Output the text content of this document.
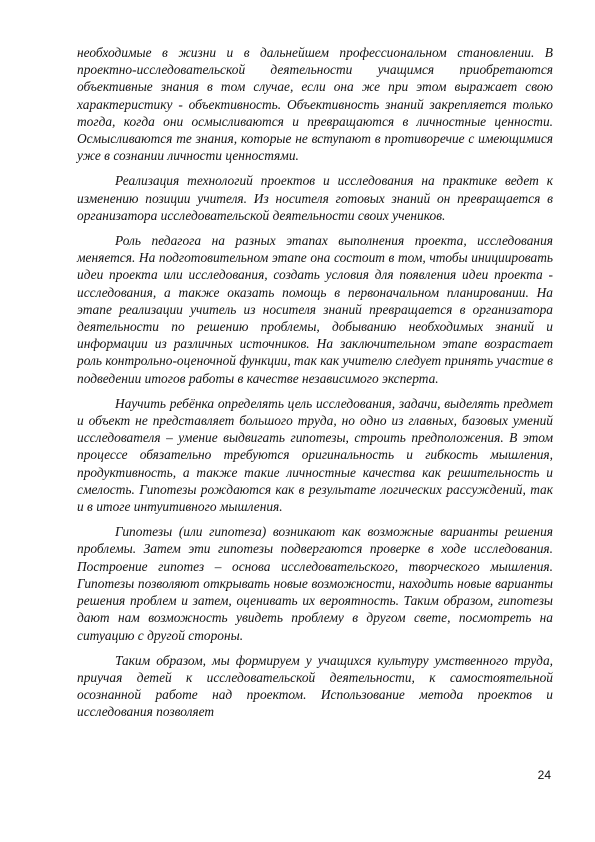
необходимые в жизни и в дальнейшем профессиональном становлении. В проектно-исследовательской деятельности учащимся приобретаются объективные знания в том случае, если она же при этом выражает свою характеристику - объективность. Объективность знаний закрепляется только тогда, когда они осмысливаются и превращаются в личностные ценности. Осмысливаются те знания, которые не вступают в противоречие с имеющимися уже в сознании личности ценностями.

Реализация технологий проектов и исследования на практике ведет к изменению позиции учителя. Из носителя готовых знаний он превращается в организатора исследовательской деятельности своих учеников.

Роль педагога на разных этапах выполнения проекта, исследования меняется. На подготовительном этапе она состоит в том, чтобы инициировать идеи проекта или исследования, создать условия для появления идеи проекта - исследования, а также оказать помощь в первоначальном планировании. На этапе реализации учитель из носителя знаний превращается в организатора деятельности по решению проблемы, добыванию необходимых знаний и информации из различных источников. На заключительном этапе возрастает роль контрольно-оценочной функции, так как учителю следует принять участие в подведении итогов работы в качестве независимого эксперта.

Научить ребёнка определять цель исследования, задачи, выделять предмет и объект не представляет большого труда, но одно из главных, базовых умений исследователя – умение выдвигать гипотезы, строить предположения. В этом процессе обязательно требуются оригинальность и гибкость мышления, продуктивность, а также такие личностные качества как решительность и смелость. Гипотезы рождаются как в результате логических рассуждений, так и в итоге интуитивного мышления.

Гипотезы (или гипотеза) возникают как возможные варианты решения проблемы. Затем эти гипотезы подвергаются проверке в ходе исследования. Построение гипотез – основа исследовательского, творческого мышления. Гипотезы позволяют открывать новые возможности, находить новые варианты решения проблем и затем, оценивать их вероятность. Таким образом, гипотезы дают нам возможность увидеть проблему в другом свете, посмотреть на ситуацию с другой стороны.

Таким образом, мы формируем у учащихся культуру умственного труда, приучая детей к исследовательской деятельности, к самостоятельной осознанной работе над проектом. Использование метода проектов и исследования позволяет

24
